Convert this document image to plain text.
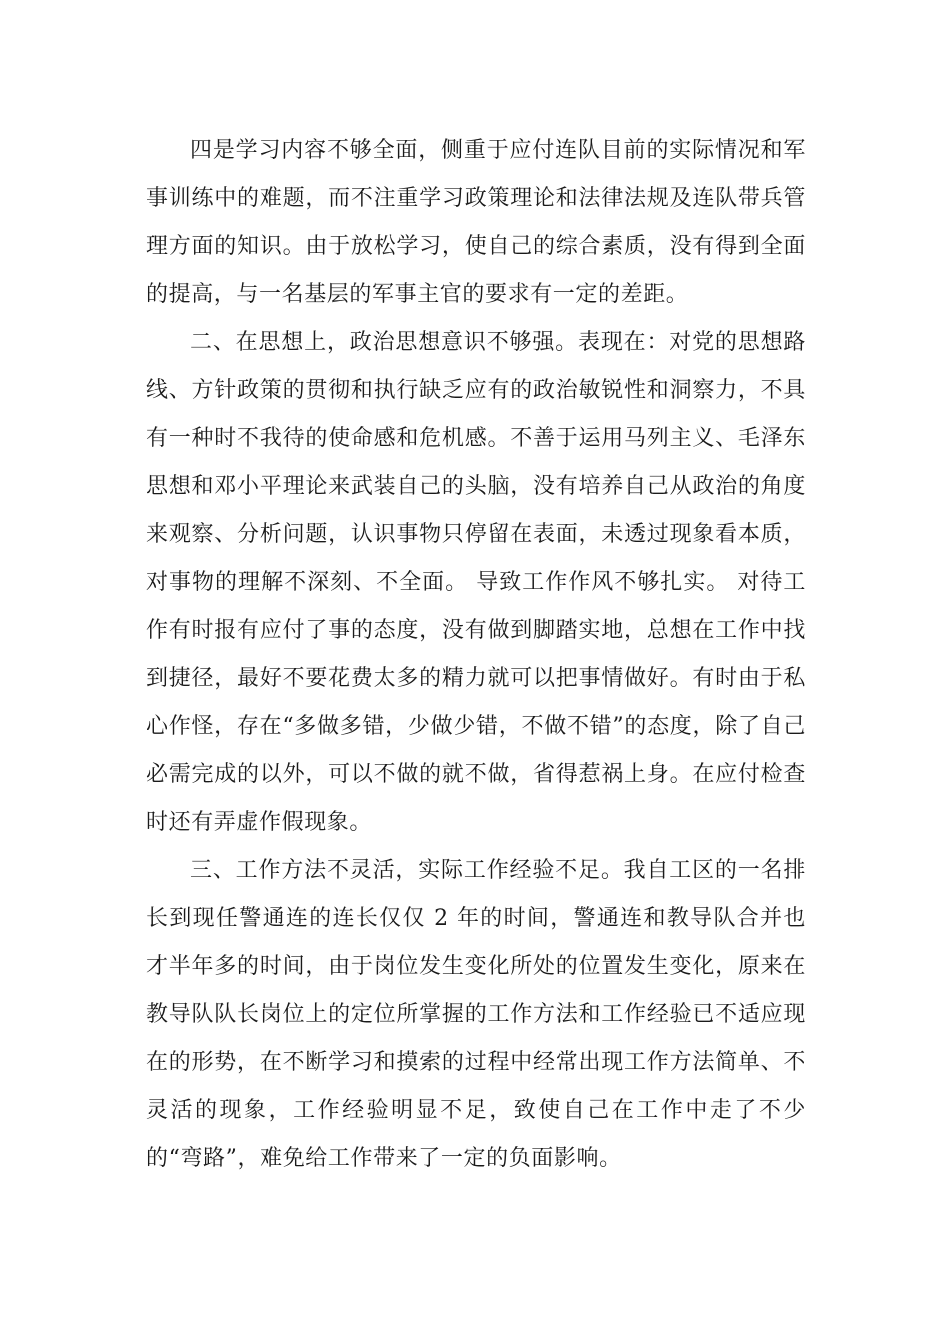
四是学习内容不够全面，侧重于应付连队目前的实际情况和军事训练中的难题，而不注重学习政策理论和法律法规及连队带兵管理方面的知识。由于放松学习，使自己的综合素质，没有得到全面的提高，与一名基层的军事主官的要求有一定的差距。

二、在思想上，政治思想意识不够强。表现在：对党的思想路线、方针政策的贯彻和执行缺乏应有的政治敏锐性和洞察力，不具有一种时不我待的使命感和危机感。不善于运用马列主义、毛泽东思想和邓小平理论来武装自己的头脑，没有培养自己从政治的角度来观察、分析问题，认识事物只停留在表面，未透过现象看本质，对事物的理解不深刻、不全面。 导致工作作风不够扎实。 对待工作有时报有应付了事的态度，没有做到脚踏实地，总想在工作中找到捷径，最好不要花费太多的精力就可以把事情做好。有时由于私心作怪，存在“多做多错，少做少错，不做不错”的态度，除了自己必需完成的以外，可以不做的就不做，省得惹祸上身。在应付检查时还有弄虚作假现象。

三、工作方法不灵活，实际工作经验不足。我自工区的一名排长到现任警通连的连长仅仅 2 年的时间，警通连和教导队合并也才半年多的时间，由于岗位发生变化所处的位置发生变化，原来在教导队队长岗位上的定位所掌握的工作方法和工作经验已不适应现在的形势，在不断学习和摸索的过程中经常出现工作方法简单、不灵活的现象，工作经验明显不足，致使自己在工作中走了不少的“弯路”，难免给工作带来了一定的负面影响。
